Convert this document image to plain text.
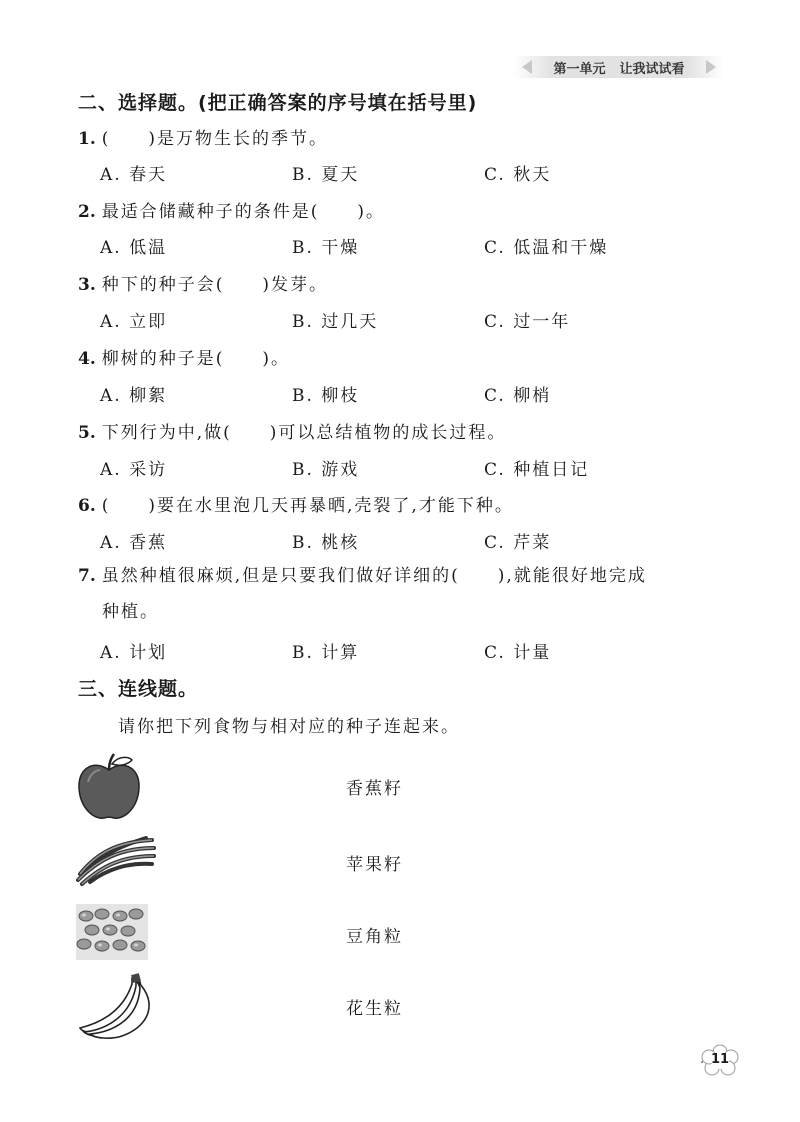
第一单元 让我试试看
二、选择题。(把正确答案的序号填在括号里)
1. (　　)是万物生长的季节。
A. 春天	B. 夏天	C. 秋天
2. 最适合储藏种子的条件是(　　)。
A. 低温	B. 干燥	C. 低温和干燥
3. 种下的种子会(　　)发芽。
A. 立即	B. 过几天	C. 过一年
4. 柳树的种子是(　　)。
A. 柳絮	B. 柳枝	C. 柳梢
5. 下列行为中,做(　　)可以总结植物的成长过程。
A. 采访	B. 游戏	C. 种植日记
6. (　　)要在水里泡几天再暴晒,壳裂了,才能下种。
A. 香蕉	B. 桃核	C. 芹菜
7. 虽然种植很麻烦,但是只要我们做好详细的(　　),就能很好地完成
种植。
A. 计划	B. 计算	C. 计量
三、连线题。
请你把下列食物与相对应的种子连起来。
香蕉籽
苹果籽
豆角粒
花生粒
11
